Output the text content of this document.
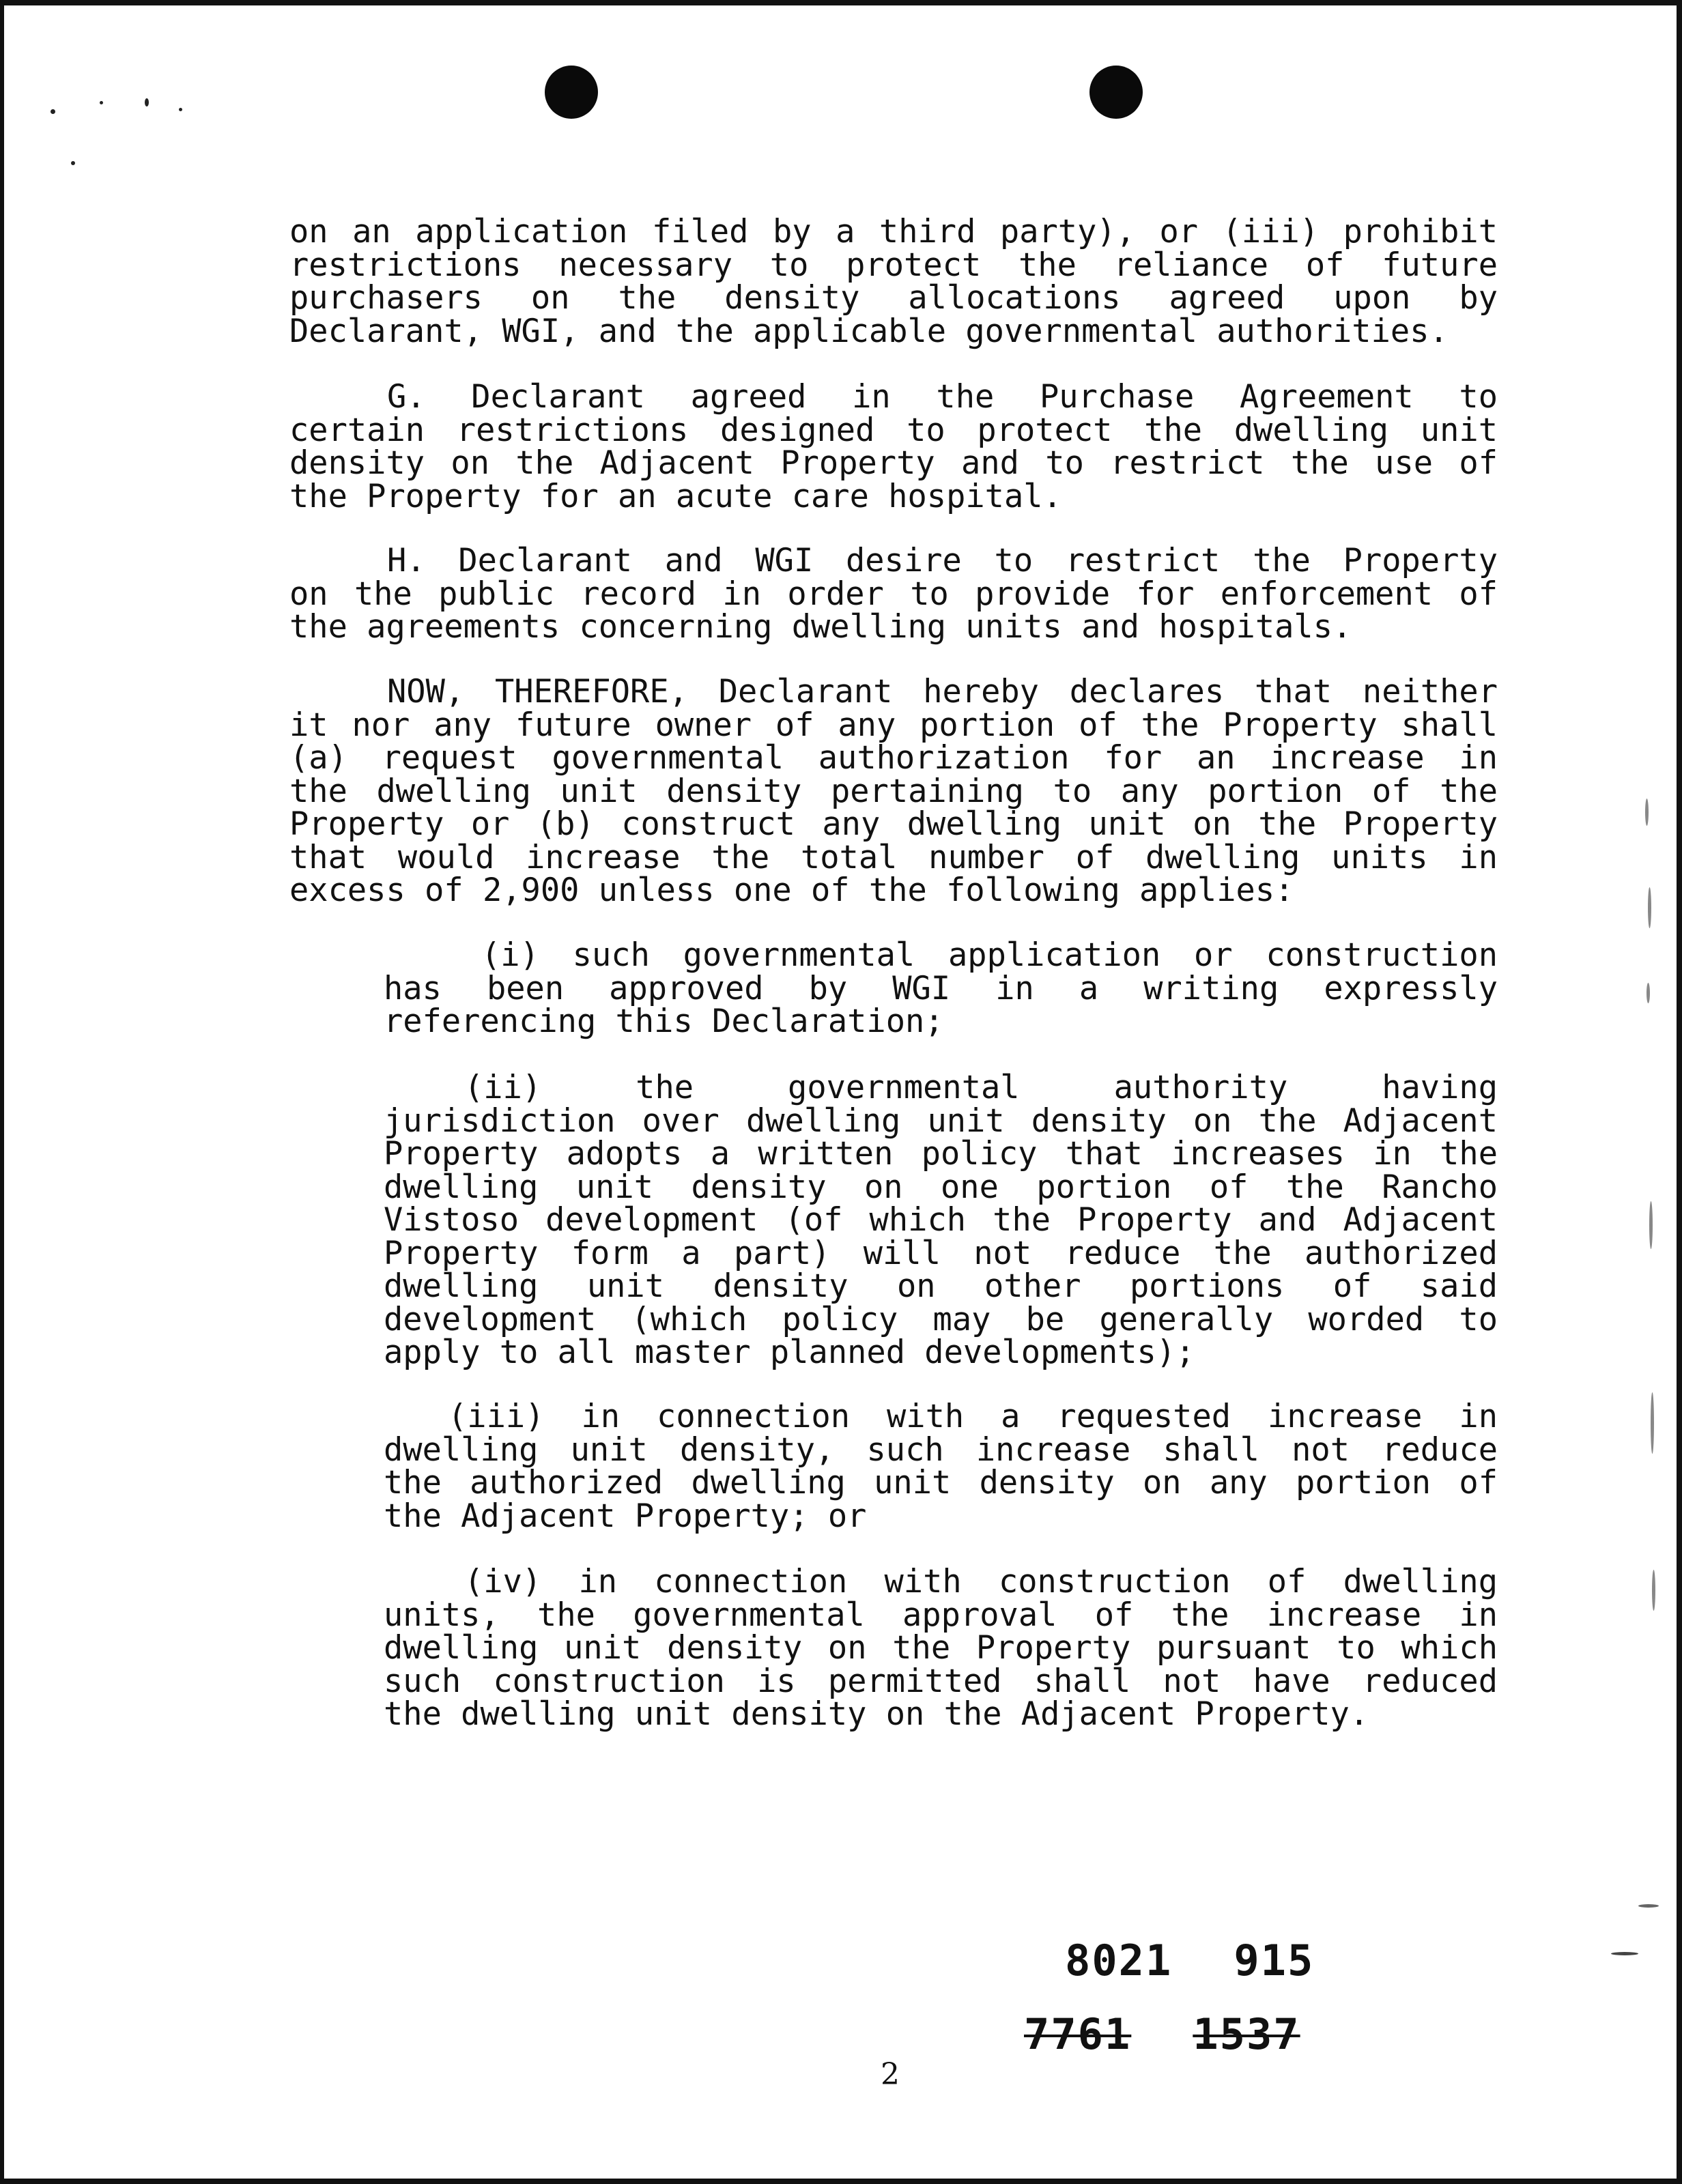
on an application filed by a third party), or (iii) prohibit
restrictions necessary to protect the reliance of future
purchasers on the density allocations agreed upon by
Declarant, WGI, and the applicable governmental authorities.
G. Declarant agreed in the Purchase Agreement to
certain restrictions designed to protect the dwelling unit
density on the Adjacent Property and to restrict the use of
the Property for an acute care hospital.
H. Declarant and WGI desire to restrict the Property
on the public record in order to provide for enforcement of
the agreements concerning dwelling units and hospitals.
NOW, THEREFORE, Declarant hereby declares that neither
it nor any future owner of any portion of the Property shall
(a) request governmental authorization for an increase in
the dwelling unit density pertaining to any portion of the
Property or (b) construct any dwelling unit on the Property
that would increase the total number of dwelling units in
excess of 2,900 unless one of the following applies:
(i) such governmental application or construction
has been approved by WGI in a writing expressly
referencing this Declaration;
(ii) the governmental authority having
jurisdiction over dwelling unit density on the Adjacent
Property adopts a written policy that increases in the
dwelling unit density on one portion of the Rancho
Vistoso development (of which the Property and Adjacent
Property form a part) will not reduce the authorized
dwelling unit density on other portions of said
development (which policy may be generally worded to
apply to all master planned developments);
(iii) in connection with a requested increase in
dwelling unit density, such increase shall not reduce
the authorized dwelling unit density on any portion of
the Adjacent Property; or
(iv) in connection with construction of dwelling
units, the governmental approval of the increase in
dwelling unit density on the Property pursuant to which
such construction is permitted shall not have reduced
the dwelling unit density on the Adjacent Property.
8021 915
7761 1537
2
